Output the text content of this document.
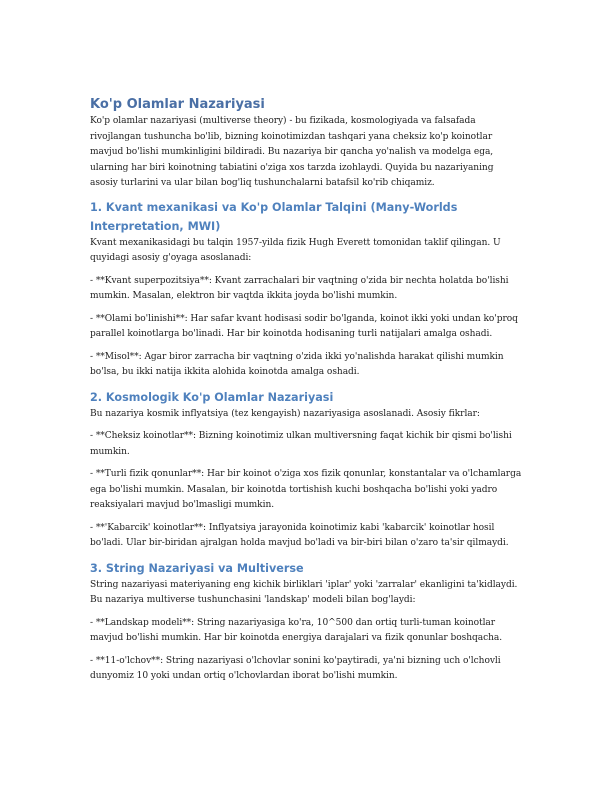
Ko'p Olamlar Nazariyasi

Ko'p olamlar nazariyasi (multiverse theory) - bu fizikada, kosmologiyada va falsafada rivojlangan tushuncha bo'lib, bizning koinotimizdan tashqari yana cheksiz ko'p koinotlar mavjud bo'lishi mumkinligini bildiradi. Bu nazariya bir qancha yo'nalish va modelga ega, ularning har biri koinotning tabiatini o'ziga xos tarzda izohlaydi. Quyida bu nazariyaning asosiy turlarini va ular bilan bog'liq tushunchalarni batafsil ko'rib chiqamiz.

1. Kvant mexanikasi va Ko'p Olamlar Talqini (Many-Worlds Interpretation, MWI)

Kvant mexanikasidagi bu talqin 1957-yilda fizik Hugh Everett tomonidan taklif qilingan. U quyidagi asosiy g'oyaga asoslanadi:

- **Kvant superpozitsiya**: Kvant zarrachalari bir vaqtning o'zida bir nechta holatda bo'lishi mumkin. Masalan, elektron bir vaqtda ikkita joyda bo'lishi mumkin.

- **Olami bo'linishi**: Har safar kvant hodisasi sodir bo'lganda, koinot ikki yoki undan ko'proq parallel koinotlarga bo'linadi. Har bir koinotda hodisaning turli natijalari amalga oshadi.

- **Misol**: Agar biror zarracha bir vaqtning o'zida ikki yo'nalishda harakat qilishi mumkin bo'lsa, bu ikki natija ikkita alohida koinotda amalga oshadi.

2. Kosmologik Ko'p Olamlar Nazariyasi

Bu nazariya kosmik inflyatsiya (tez kengayish) nazariyasiga asoslanadi. Asosiy fikrlar:

- **Cheksiz koinotlar**: Bizning koinotimiz ulkan multiversning faqat kichik bir qismi bo'lishi mumkin.

- **Turli fizik qonunlar**: Har bir koinot o'ziga xos fizik qonunlar, konstantalar va o'lchamlarga ega bo'lishi mumkin. Masalan, bir koinotda tortishish kuchi boshqacha bo'lishi yoki yadro reaksiyalari mavjud bo'lmasligi mumkin.

- **'Kabarcik' koinotlar**: Inflyatsiya jarayonida koinotimiz kabi 'kabarcik' koinotlar hosil bo'ladi. Ular bir-biridan ajralgan holda mavjud bo'ladi va bir-biri bilan o'zaro ta'sir qilmaydi.

3. String Nazariyasi va Multiverse

String nazariyasi materiyaning eng kichik birliklari 'iplar' yoki 'zarralar' ekanligini ta'kidlaydi. Bu nazariya multiverse tushunchasini 'landskap' modeli bilan bog'laydi:

- **Landskap modeli**: String nazariyasiga ko'ra, 10^500 dan ortiq turli-tuman koinotlar mavjud bo'lishi mumkin. Har bir koinotda energiya darajalari va fizik qonunlar boshqacha.

- **11-o'lchov**: String nazariyasi o'lchovlar sonini ko'paytiradi, ya'ni bizning uch o'lchovli dunyomiz 10 yoki undan ortiq o'lchovlardan iborat bo'lishi mumkin.
